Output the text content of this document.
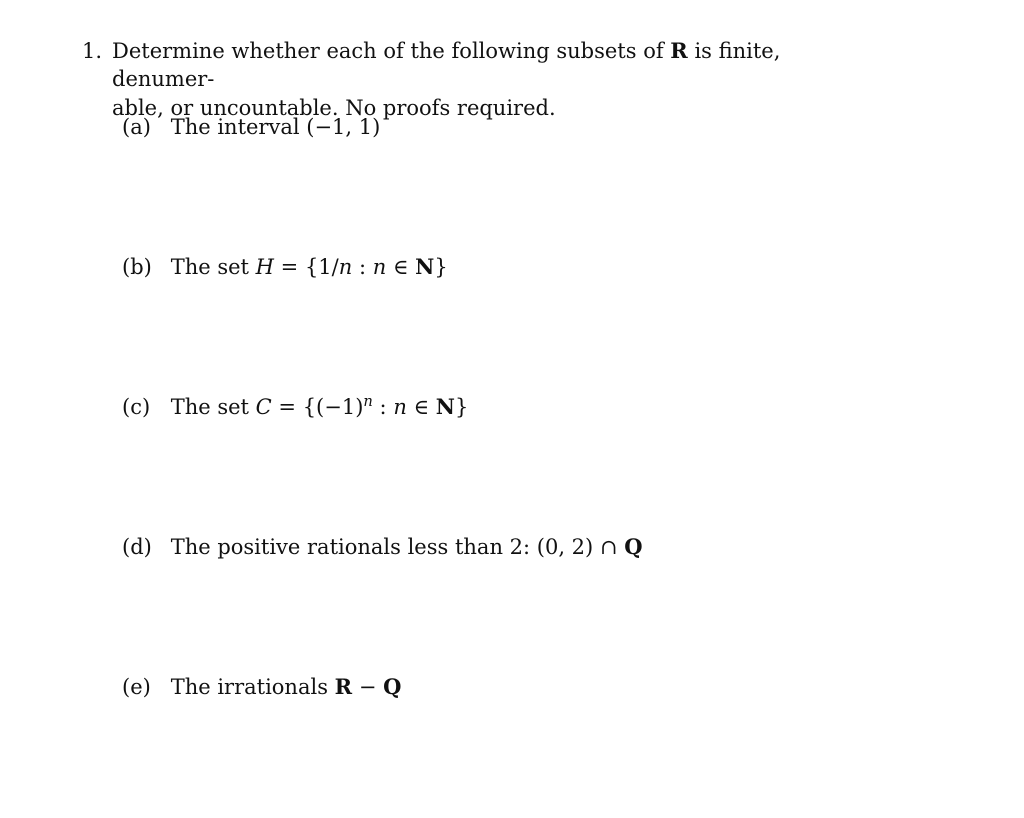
1. Determine whether each of the following subsets of R is finite, denumer-
able, or uncountable. No proofs required.
(a) The interval (−1, 1)
(b) The set H = {1/n : n ∈ N}
(c) The set $C = \{(-1)^n$ : n ∈ N}
(d) The positive rationals less than 2: (0, 2) ∩ Q
(e) The irrationals R − Q
